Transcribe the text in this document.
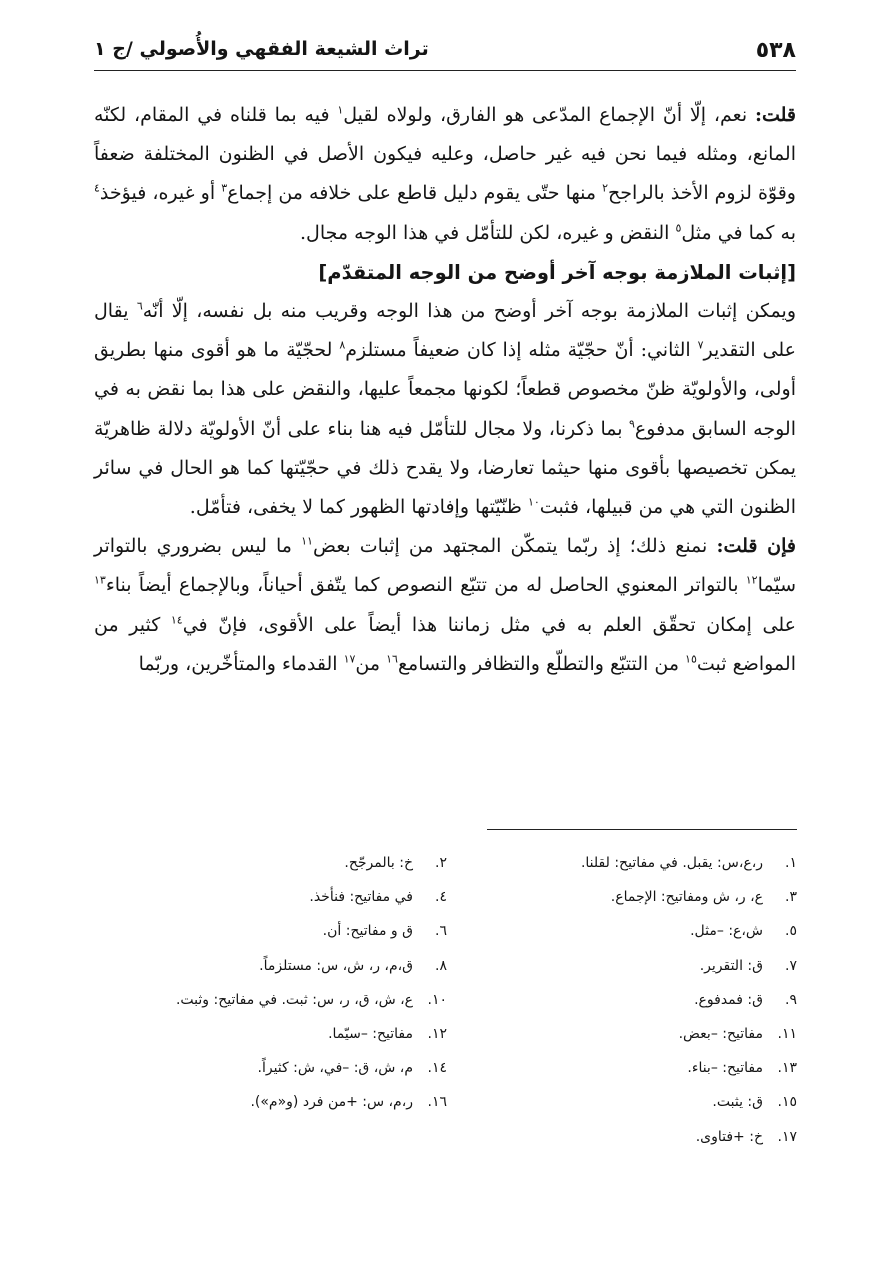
٥٣٨
تراث الشيعة الفقهي والأُصولي /ج ١

قلت: نعم، إلّا أنّ الإجماع المدّعى هو الفارق، ولولاه لقيل$^١$ فيه بما قلناه في المقام، لكنّه المانع، ومثله فيما نحن فيه غير حاصل، وعليه فيكون الأصل في الظنون المختلفة ضعفاً وقوّة لزوم الأخذ بالراجح$^٢$ منها حتّى يقوم دليل قاطع على خلافه من إجماع$^٣$ أو غيره، فيؤخذ$^٤$ به كما في مثل$^٥$ النقض و غيره، لكن للتأمّل في هذا الوجه مجال.

[إثبات الملازمة بوجه آخر أوضح من الوجه المتقدّم]

ويمكن إثبات الملازمة بوجه آخر أوضح من هذا الوجه وقريب منه بل نفسه، إلّا أنّه$^٦$ يقال على التقدير$^٧$ الثاني: أنّ حجّيّة مثله إذا كان ضعيفاً مستلزم$^٨$ لحجّيّة ما هو أقوى منها بطريق أولى، والأولويّة ظنّ مخصوص قطعاً؛ لكونها مجمعاً عليها، والنقض على هذا بما نقض به في الوجه السابق مدفوع$^٩$ بما ذكرنا، ولا مجال للتأمّل فيه هنا بناء على أنّ الأولويّة دلالة ظاهريّة يمكن تخصيصها بأقوى منها حيثما تعارضا، ولا يقدح ذلك في حجّيّتها كما هو الحال في سائر الظنون التي هي من قبيلها، فثبت$^{١٠}$ ظنّيّتها وإفادتها الظهور كما لا يخفى، فتأمّل.

فإن قلت: نمنع ذلك؛ إذ ربّما يتمكّن المجتهد من إثبات بعض$^{١١}$ ما ليس بضروري بالتواتر سيّما$^{١٢}$ بالتواتر المعنوي الحاصل له من تتبّع النصوص كما يتّفق أحياناً، وبالإجماع أيضاً بناء$^{١٣}$ على إمكان تحقّق العلم به في مثل زماننا هذا أيضاً على الأقوى، فإنّ في$^{١٤}$ كثير من المواضع ثبت$^{١٥}$ من التتبّع والتطلّع والتظافر والتسامع$^{١٦}$ من$^{١٧}$ القدماء والمتأخّرين، وربّما

١.ر،ع،س: يقبل. في مفاتيح: لقلنا.
٣.ع، ر، ش ومفاتيح: الإجماع.
٥.ش،ع: –مثل.
٧.ق: التقرير.
٩.ق: فمدفوع.
١١.مفاتيح: –بعض.
١٣.مفاتيح: –بناء.
١٥.ق: يثبت.
١٧.خ: +فتاوى.
٢.خ: بالمرجّح.
٤.في مفاتيح: فنأخذ.
٦.ق و مفاتيح: أن.
٨.ق،م، ر، ش، س: مستلزماً.
١٠.ع، ش، ق، ر، س: ثبت. في مفاتيح: وثبت.
١٢.مفاتيح: –سيّما.
١٤.م، ش، ق: –في، ش: كثيراً.
١٦.ر،م، س: +من فرد (و«م»).
